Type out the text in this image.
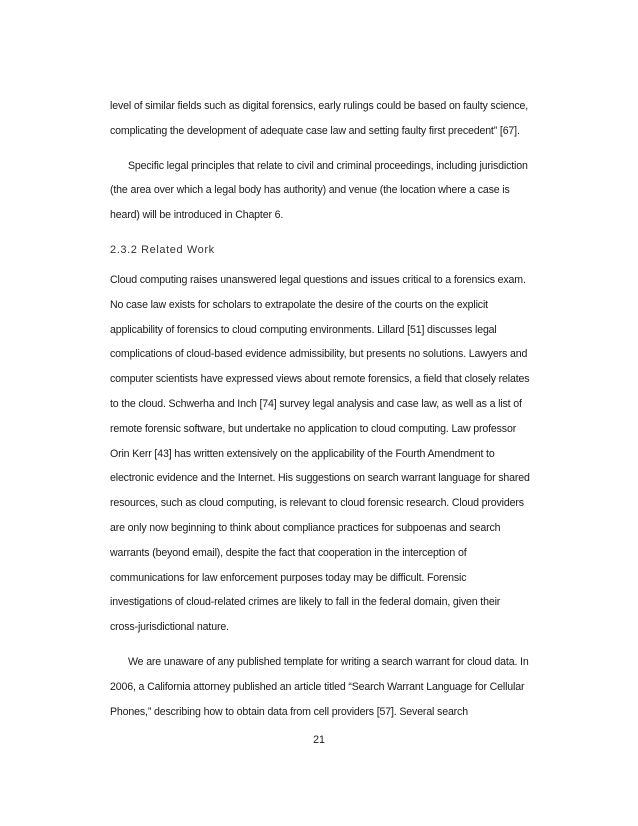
level of similar fields such as digital forensics, early rulings could be based on faulty science, complicating the development of adequate case law and setting faulty first precedent” [67].

Specific legal principles that relate to civil and criminal proceedings, including jurisdiction (the area over which a legal body has authority) and venue (the location where a case is heard) will be introduced in Chapter 6.

2.3.2 Related Work

Cloud computing raises unanswered legal questions and issues critical to a forensics exam. No case law exists for scholars to extrapolate the desire of the courts on the explicit applicability of forensics to cloud computing environments. Lillard [51] discusses legal complications of cloud-based evidence admissibility, but presents no solutions. Lawyers and computer scientists have expressed views about remote forensics, a field that closely relates to the cloud. Schwerha and Inch [74] survey legal analysis and case law, as well as a list of remote forensic software, but undertake no application to cloud computing. Law professor Orin Kerr [43] has written extensively on the applicability of the Fourth Amendment to electronic evidence and the Internet. His suggestions on search warrant language for shared resources, such as cloud computing, is relevant to cloud forensic research. Cloud providers are only now beginning to think about compliance practices for subpoenas and search warrants (beyond email), despite the fact that cooperation in the interception of communications for law enforcement purposes today may be difficult. Forensic investigations of cloud-related crimes are likely to fall in the federal domain, given their cross-jurisdictional nature.

We are unaware of any published template for writing a search warrant for cloud data. In 2006, a California attorney published an article titled “Search Warrant Language for Cellular Phones,” describing how to obtain data from cell providers [57]. Several search

21
